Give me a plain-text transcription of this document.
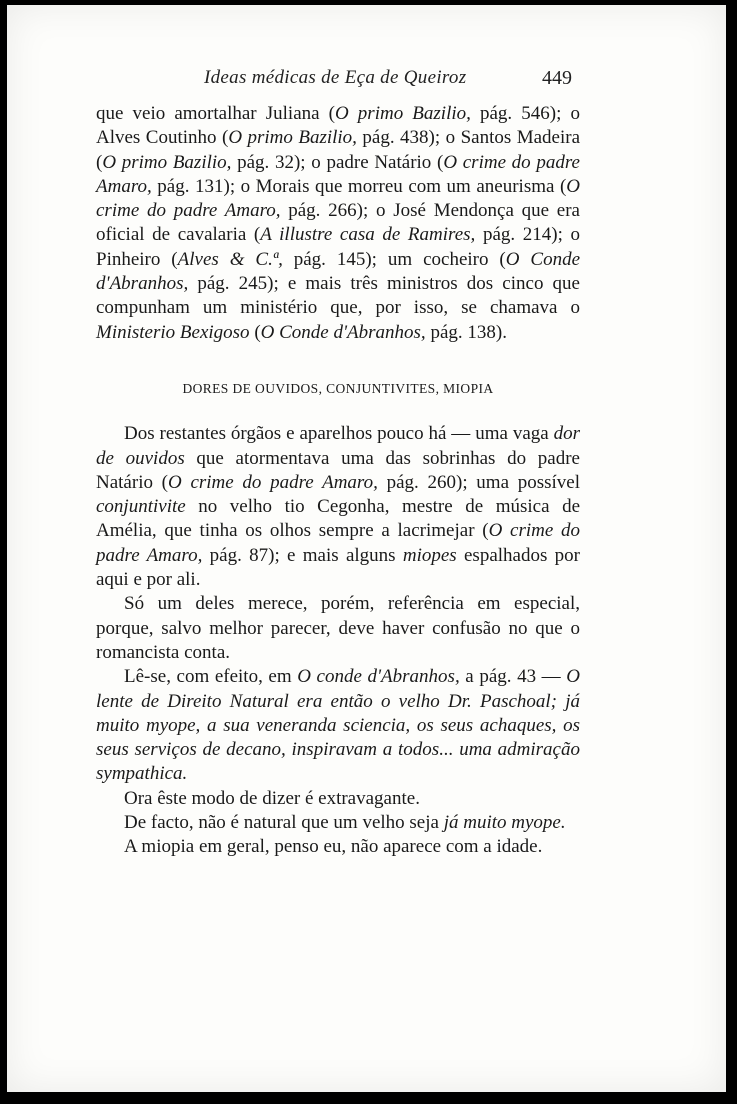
Ideas médicas de Eça de Queiroz	449

que veio amortalhar Juliana (O primo Bazilio, pág. 546); o Alves Coutinho (O primo Bazilio, pág. 438); o Santos Madeira (O primo Bazilio, pág. 32); o padre Natário (O crime do padre Amaro, pág. 131); o Morais que morreu com um aneurisma (O crime do padre Amaro, pág. 266); o José Mendonça que era oficial de cavalaria (A illustre casa de Ramires, pág. 214); o Pinheiro (Alves & C.ª, pág. 145); um cocheiro (O Conde d'Abranhos, pág. 245); e mais três ministros dos cinco que compunham um ministério que, por isso, se chamava o Ministerio Bexigoso (O Conde d'Abranhos, pág. 138).

DORES DE OUVIDOS, CONJUNTIVITES, MIOPIA

Dos restantes órgãos e aparelhos pouco há — uma vaga dor de ouvidos que atormentava uma das sobrinhas do padre Natário (O crime do padre Amaro, pág. 260); uma possível conjuntivite no velho tio Cegonha, mestre de música de Amélia, que tinha os olhos sempre a lacrimejar (O crime do padre Amaro, pág. 87); e mais alguns miopes espalhados por aqui e por ali.

Só um deles merece, porém, referência em especial, porque, salvo melhor parecer, deve haver confusão no que o romancista conta.

Lê-se, com efeito, em O conde d'Abranhos, a pág. 43 — O lente de Direito Natural era então o velho Dr. Paschoal; já muito myope, a sua veneranda sciencia, os seus achaques, os seus serviços de decano, inspiravam a todos... uma admiração sympathica.

Ora êste modo de dizer é extravagante.

De facto, não é natural que um velho seja já muito myope.

A miopia em geral, penso eu, não aparece com a idade.
